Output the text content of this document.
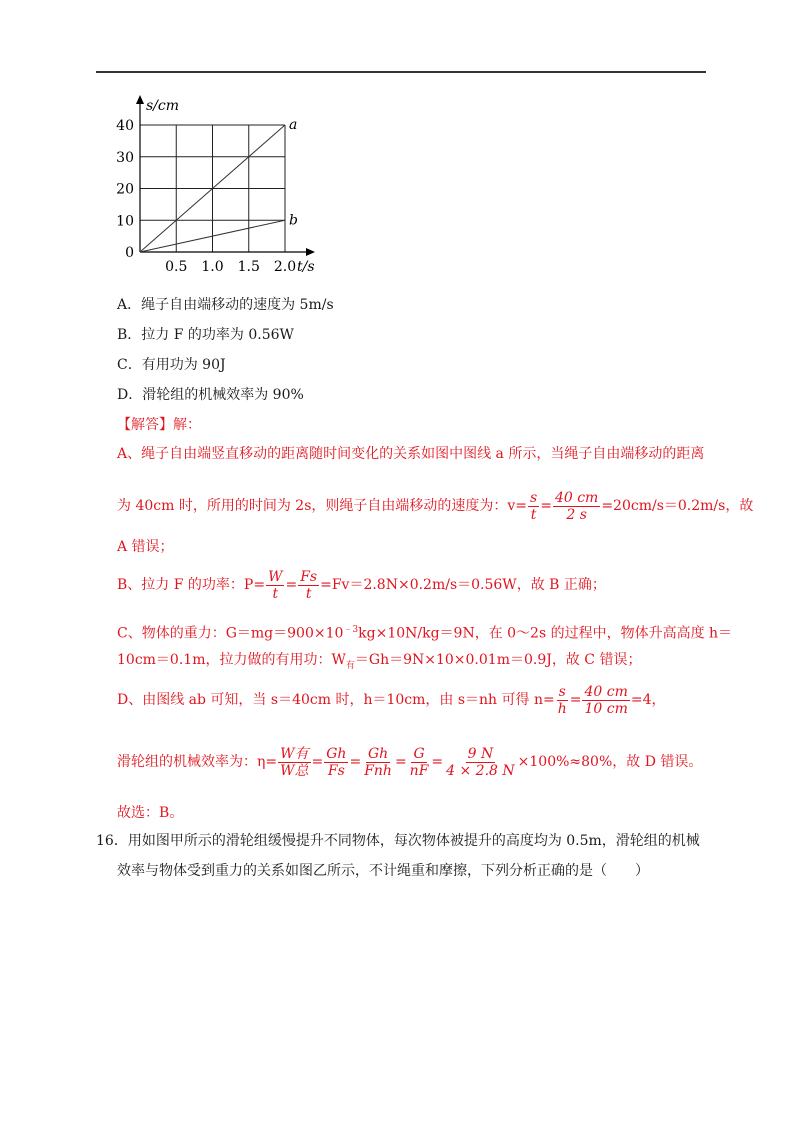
0.5 1.0 1.5 2.0
0
10
20
30
40
t/s
s/cm
a
b
A．绳子自由端移动的速度为 5m/s
B．拉力 F 的功率为 0.56W
C．有用功为 90J
D．滑轮组的机械效率为 90%
【解答】解：
A、绳子自由端竖直移动的距离随时间变化的关系如图中图线 a 所示，当绳子自由端移动的距离
为 40cm 时，所用的时间为 2s，则绳子自由端移动的速度为：$v= \frac{s}{t} = \frac{40 cm}{2 s} =20cm/s=0.2m/s$，故
A 错误；
B、拉力 F 的功率：$P= \frac{W}{t} = \frac{Fs}{t} =Fv=2.8N\times 0.2m/s=0.56W$，故 B 正确；
C、物体的重力：$G=mg=900\times 10^{﹣3}kg\times 10N/kg=9N$，在 0～2s 的过程中，物体升高高度 h＝
10cm＝0.1m，拉力做的有用功：$W_有=Gh=9N\times 10\times 0.01m=0.9J$，故 C 错误；
D、由图线 ab 可知，当 s＝40cm 时，h＝10cm，由 s＝nh 可得 $n= \frac{s}{h} = \frac{40 cm}{10 cm} =4$，
滑轮组的机械效率为：$\eta= \frac{\text{W有}}{\text{W总}} = \frac{Gh}{Fs} = \frac{Gh}{\text{Fnh}} = \frac{G}{nF} = \frac{9 N}{4 \times 2.8 N} \times 100\%\approx 80\%$，故 D 错误。
故选：B。
16．用如图甲所示的滑轮组缓慢提升不同物体，每次物体被提升的高度均为 0.5m，滑轮组的机械
效率与物体受到重力的关系如图乙所示，不计绳重和摩擦，下列分析正确的是（　　）
